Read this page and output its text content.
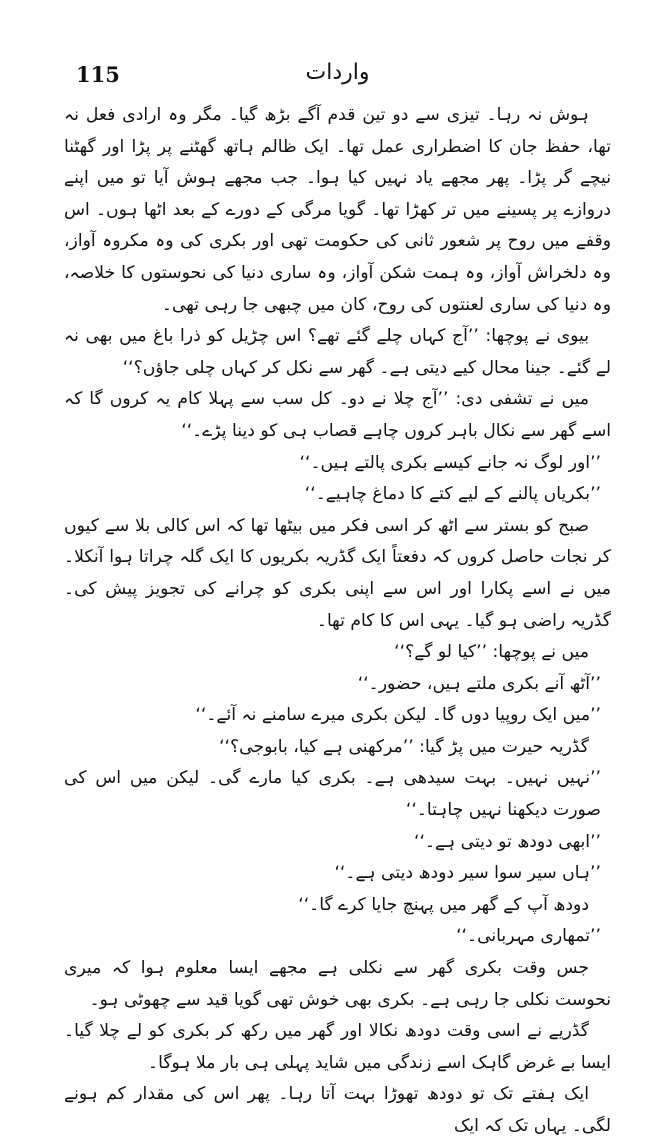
115	واردات

ہوش نہ رہا۔ تیزی سے دو تین قدم آگے بڑھ گیا۔ مگر وہ ارادی فعل نہ تھا، حفظ جان کا اضطراری عمل تھا۔ ایک ظالم ہاتھ گھٹنے پر پڑا اور گھٹنا نیچے گر پڑا۔ پھر مجھے یاد نہیں کیا ہوا۔ جب مجھے ہوش آیا تو میں اپنے دروازے پر پسینے میں تر کھڑا تھا۔ گویا مرگی کے دورے کے بعد اٹھا ہوں۔ اس وقفے میں روح پر شعور ثانی کی حکومت تھی اور بکری کی وہ مکروہ آواز، وہ دلخراش آواز، وہ ہمت شکن آواز، وہ ساری دنیا کی نحوستوں کا خلاصہ، وہ دنیا کی ساری لعنتوں کی روح، کان میں چبھی جا رہی تھی۔

بیوی نے پوچھا: ’’آج کہاں چلے گئے تھے؟ اس چڑیل کو ذرا باغ میں بھی نہ لے گئے۔ جینا محال کیے دیتی ہے۔ گھر سے نکل کر کہاں چلی جاؤں؟‘‘

میں نے تشفی دی: ’’آج چلا نے دو۔ کل سب سے پہلا کام یہ کروں گا کہ اسے گھر سے نکال باہر کروں چاہے قصاب ہی کو دینا پڑے۔‘‘

’’اور لوگ نہ جانے کیسے بکری پالتے ہیں۔‘‘

’’بکریاں پالنے کے لیے کتے کا دماغ چاہیے۔‘‘

صبح کو بستر سے اٹھ کر اسی فکر میں بیٹھا تھا کہ اس کالی بلا سے کیوں کر نجات حاصل کروں کہ دفعتاً ایک گڈریہ بکریوں کا ایک گلہ چراتا ہوا آنکلا۔ میں نے اسے پکارا اور اس سے اپنی بکری کو چرانے کی تجویز پیش کی۔ گڈریہ راضی ہو گیا۔ یہی اس کا کام تھا۔

میں نے پوچھا: ’’کیا لو گے؟‘‘

’’آٹھ آنے بکری ملتے ہیں، حضور۔‘‘

’’میں ایک روپیا دوں گا۔ لیکن بکری میرے سامنے نہ آئے۔‘‘

گڈریہ حیرت میں پڑ گیا: ’’مرکھنی ہے کیا، بابوجی؟‘‘

’’نہیں نہیں۔ بہت سیدھی ہے۔ بکری کیا مارے گی۔ لیکن میں اس کی صورت دیکھنا نہیں چاہتا۔‘‘

’’ابھی دودھ تو دیتی ہے۔‘‘

’’ہاں سیر سوا سیر دودھ دیتی ہے۔‘‘

دودھ آپ کے گھر میں پہنچ جایا کرے گا۔‘‘

’’تمھاری مہربانی۔‘‘

جس وقت بکری گھر سے نکلی ہے مجھے ایسا معلوم ہوا کہ میری نحوست نکلی جا رہی ہے۔ بکری بھی خوش تھی گویا قید سے چھوٹی ہو۔

گڈریے نے اسی وقت دودھ نکالا اور گھر میں رکھ کر بکری کو لے چلا گیا۔ ایسا بے غرض گاہک اسے زندگی میں شاید پہلی ہی بار ملا ہوگا۔

ایک ہفتے تک تو دودھ تھوڑا بہت آتا رہا۔ پھر اس کی مقدار کم ہونے لگی۔ یہاں تک کہ ایک
